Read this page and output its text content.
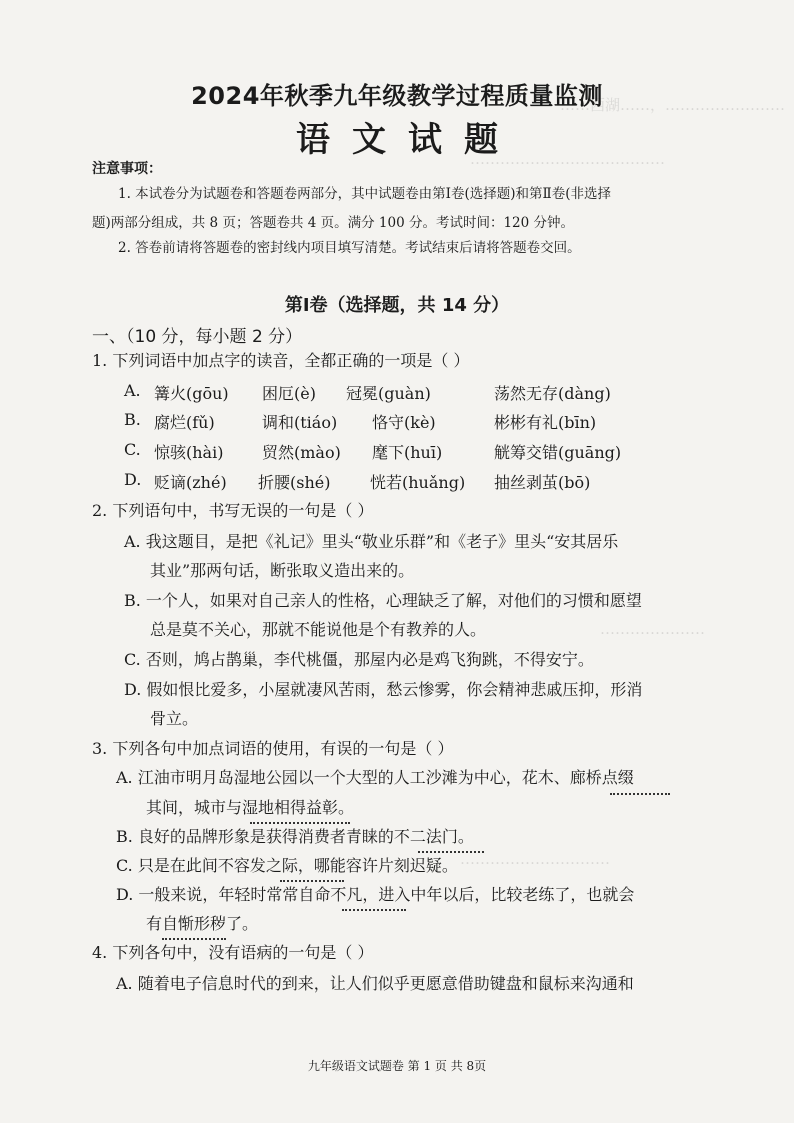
……西湖……，……………………
…………………………………
…………………
…………………………
2024年秋季九年级教学过程质量监测
语文试题
注意事项：
1. 本试卷分为试题卷和答题卷两部分，其中试题卷由第Ⅰ卷(选择题)和第Ⅱ卷(非选择
题)两部分组成，共 8 页；答题卷共 4 页。满分 100 分。考试时间：120 分钟。
2. 答卷前请将答题卷的密封线内项目填写清楚。考试结束后请将答题卷交回。
第Ⅰ卷（选择题，共 14 分）
一、（10 分，每小题 2 分）
1. 下列词语中加点字的读音，全都正确的一项是（ ）
A. 篝火(gōu) 困厄(è) 冠冕(guàn)	荡然无存(dàng)
B. 腐烂(fǔ)	调和(tiáo) 恪守(kè)	彬彬有礼(bīn)
C. 惊骇(hài) 贸然(mào) 麾下(huī)	觥筹交错(guāng)
D. 贬谪(zhé) 折腰(shé) 恍若(huǎng) 抽丝剥茧(bō)
2. 下列语句中，书写无误的一句是（ ）
A. 我这题目，是把《礼记》里头“敬业乐群”和《老子》里头“安其居乐
其业”那两句话，断张取义造出来的。
B. 一个人，如果对自己亲人的性格，心理缺乏了解，对他们的习惯和愿望
总是莫不关心，那就不能说他是个有教养的人。
C. 否则，鸠占鹊巢，李代桃僵，那屋内必是鸡飞狗跳，不得安宁。
D. 假如恨比爱多，小屋就凄风苦雨，愁云惨雾，你会精神悲戚压抑，形消
骨立。
3. 下列各句中加点词语的使用，有误的一句是（ ）
A. 江油市明月岛湿地公园以一个大型的人工沙滩为中心，花木、廊桥点缀
其间，城市与湿地相得益彰。
B. 良好的品牌形象是获得消费者青睐的不二法门。
C. 只是在此间不容发之际，哪能容许片刻迟疑。
D. 一般来说，年轻时常常自命不凡，进入中年以后，比较老练了，也就会
有自惭形秽了。
4. 下列各句中，没有语病的一句是（ ）
A. 随着电子信息时代的到来，让人们似乎更愿意借助键盘和鼠标来沟通和
九年级语文试题卷 第 1 页 共 8页
